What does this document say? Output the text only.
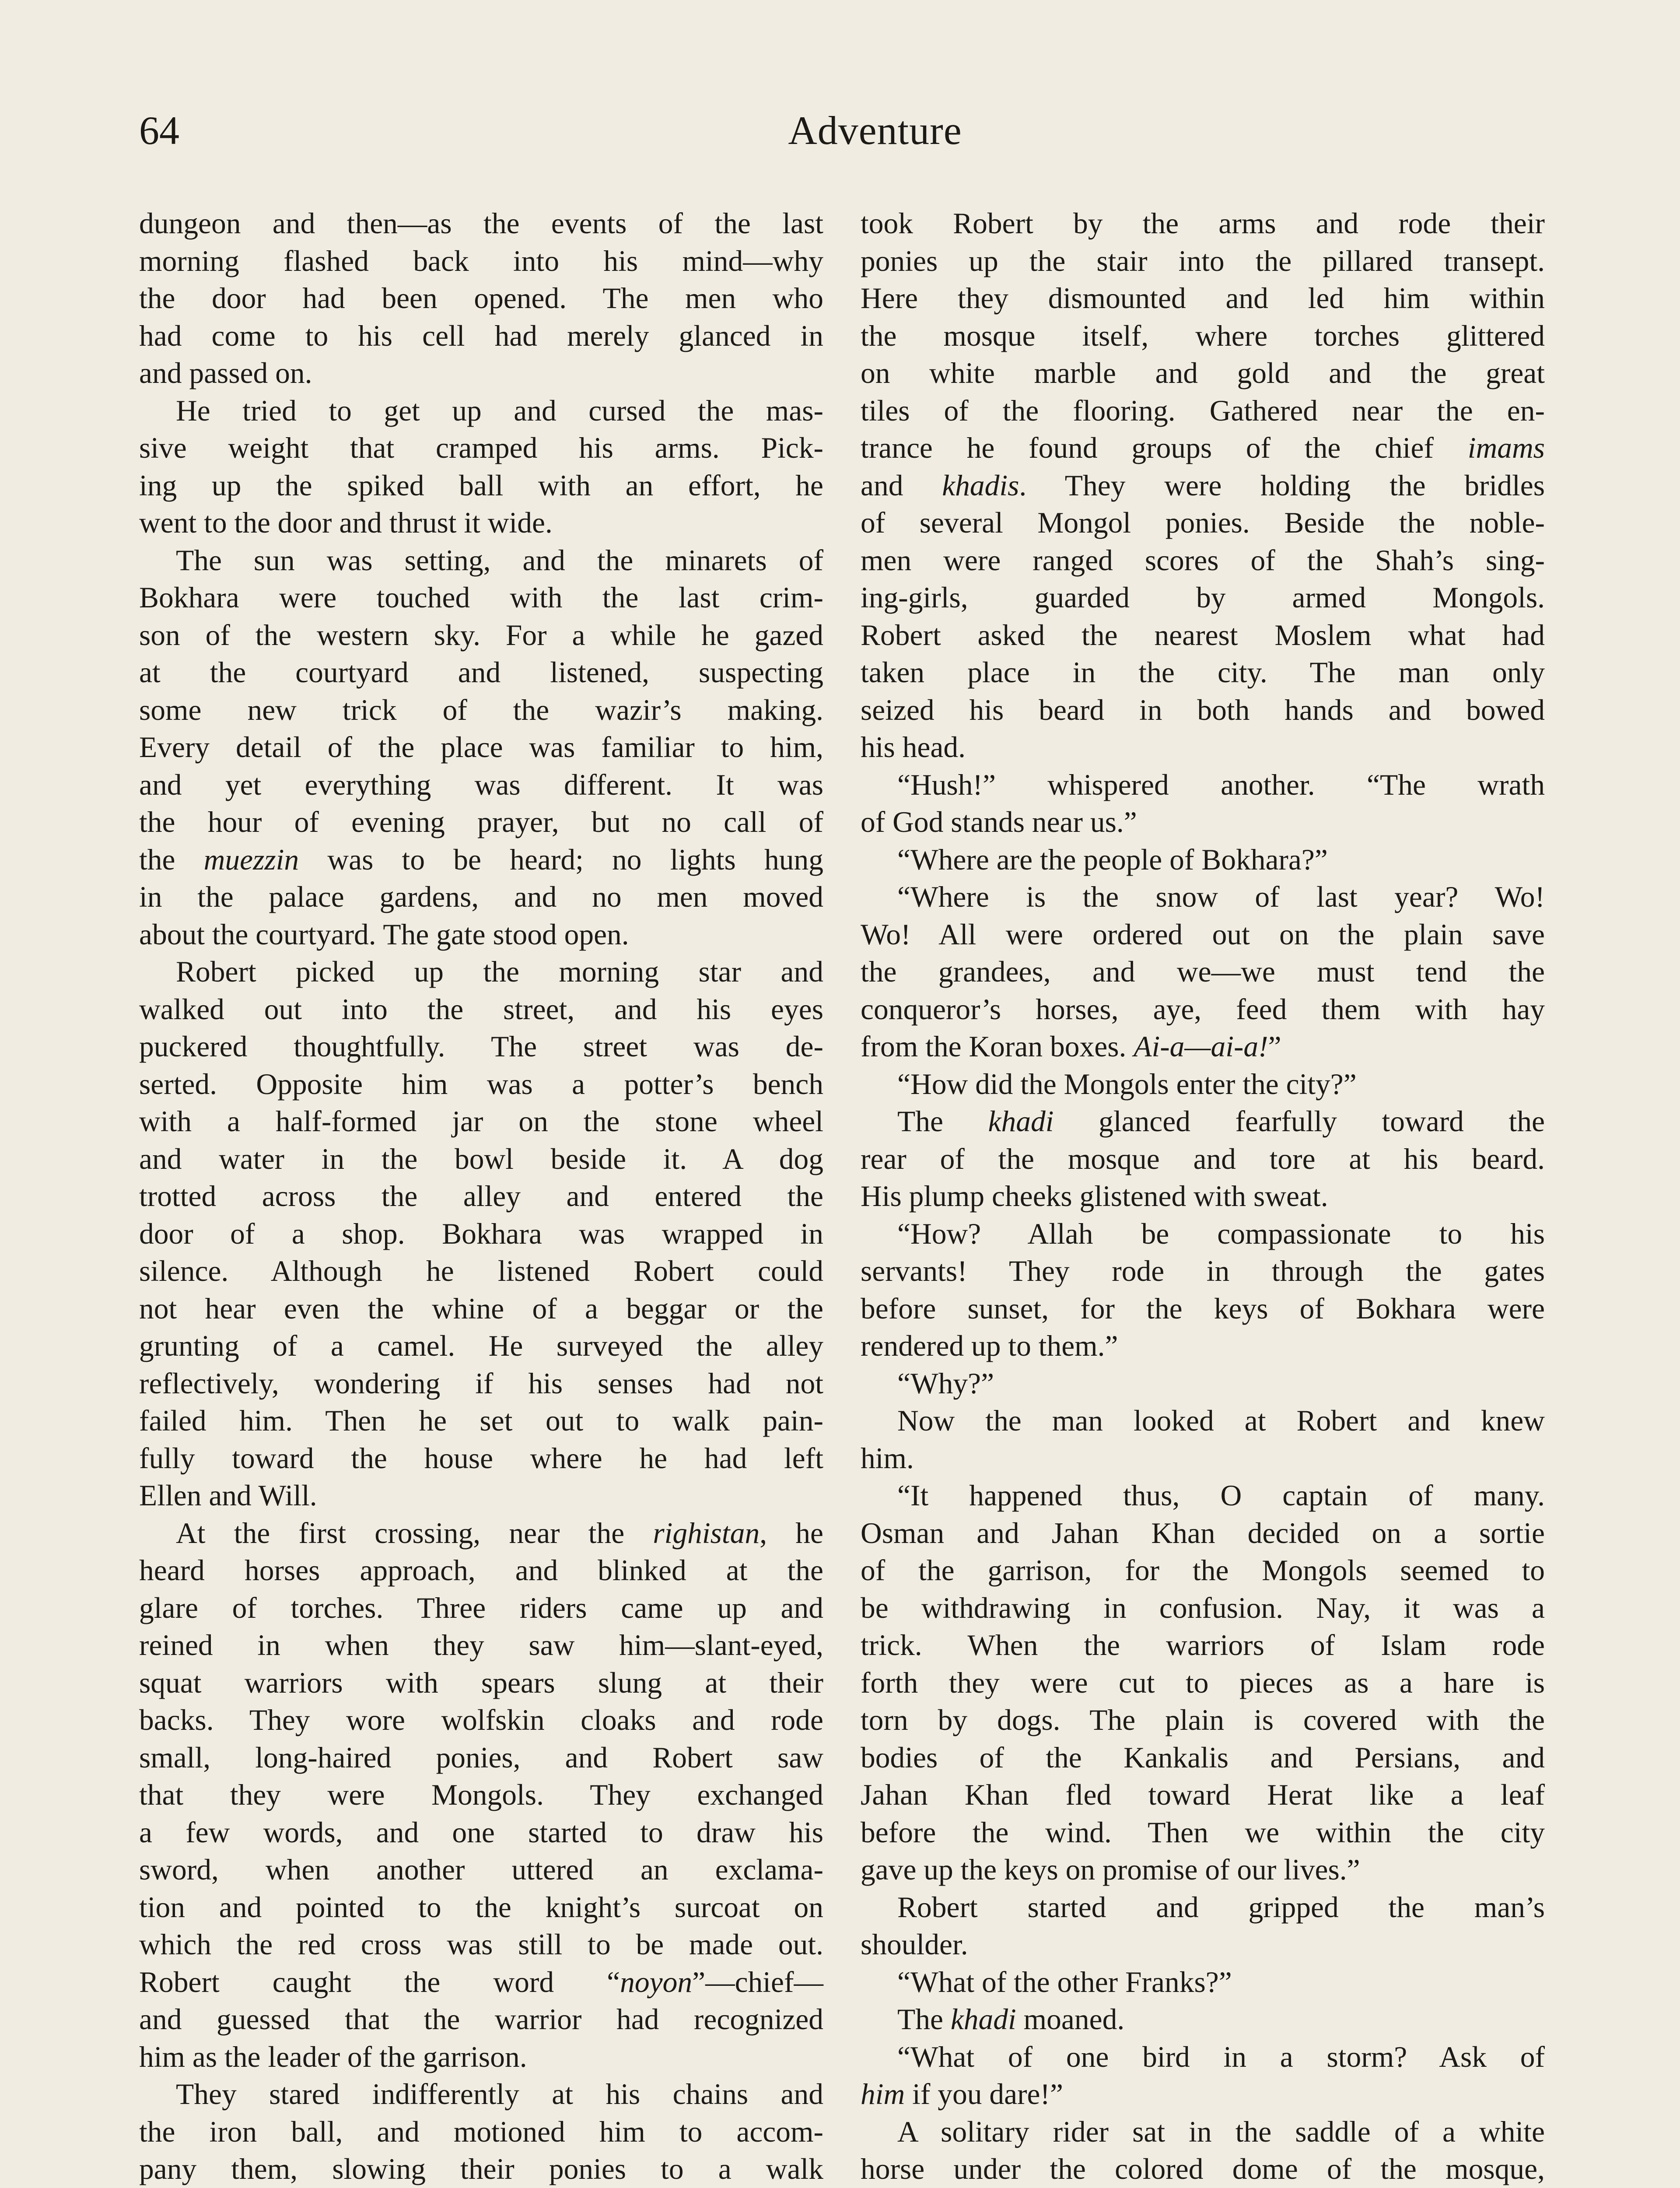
64	Adventure
dungeon and then—as the events of the last
morning flashed back into his mind—why
the door had been opened. The men who
had come to his cell had merely glanced in
and passed on.
He tried to get up and cursed the mas-
sive weight that cramped his arms. Pick-
ing up the spiked ball with an effort, he
went to the door and thrust it wide.
The sun was setting, and the minarets of
Bokhara were touched with the last crim-
son of the western sky. For a while he gazed
at the courtyard and listened, suspecting
some new trick of the wazir’s making.
Every detail of the place was familiar to him,
and yet everything was different. It was
the hour of evening prayer, but no call of
the muezzin was to be heard; no lights hung
in the palace gardens, and no men moved
about the courtyard. The gate stood open.
Robert picked up the morning star and
walked out into the street, and his eyes
puckered thoughtfully. The street was de-
serted. Opposite him was a potter’s bench
with a half-formed jar on the stone wheel
and water in the bowl beside it. A dog
trotted across the alley and entered the
door of a shop. Bokhara was wrapped in
silence. Although he listened Robert could
not hear even the whine of a beggar or the
grunting of a camel. He surveyed the alley
reflectively, wondering if his senses had not
failed him. Then he set out to walk pain-
fully toward the house where he had left
Ellen and Will.
At the first crossing, near the righistan, he
heard horses approach, and blinked at the
glare of torches. Three riders came up and
reined in when they saw him—slant-eyed,
squat warriors with spears slung at their
backs. They wore wolfskin cloaks and rode
small, long-haired ponies, and Robert saw
that they were Mongols. They exchanged
a few words, and one started to draw his
sword, when another uttered an exclama-
tion and pointed to the knight’s surcoat on
which the red cross was still to be made out.
Robert caught the word “noyon”—chief—
and guessed that the warrior had recognized
him as the leader of the garrison.
They stared indifferently at his chains and
the iron ball, and motioned him to accom-
pany them, slowing their ponies to a walk
took Robert by the arms and rode their
ponies up the stair into the pillared transept.
Here they dismounted and led him within
the mosque itself, where torches glittered
on white marble and gold and the great
tiles of the flooring. Gathered near the en-
trance he found groups of the chief imams
and khadis. They were holding the bridles
of several Mongol ponies. Beside the noble-
men were ranged scores of the Shah’s sing-
ing-girls, guarded by armed Mongols.
Robert asked the nearest Moslem what had
taken place in the city. The man only
seized his beard in both hands and bowed
his head.
“Hush!” whispered another. “The wrath
of God stands near us.”
“Where are the people of Bokhara?”
“Where is the snow of last year? Wo!
Wo! All were ordered out on the plain save
the grandees, and we—we must tend the
conqueror’s horses, aye, feed them with hay
from the Koran boxes. Ai-a—ai-a!”
“How did the Mongols enter the city?”
The khadi glanced fearfully toward the
rear of the mosque and tore at his beard.
His plump cheeks glistened with sweat.
“How? Allah be compassionate to his
servants! They rode in through the gates
before sunset, for the keys of Bokhara were
rendered up to them.”
“Why?”
Now the man looked at Robert and knew
him.
“It happened thus, O captain of many.
Osman and Jahan Khan decided on a sortie
of the garrison, for the Mongols seemed to
be withdrawing in confusion. Nay, it was a
trick. When the warriors of Islam rode
forth they were cut to pieces as a hare is
torn by dogs. The plain is covered with the
bodies of the Kankalis and Persians, and
Jahan Khan fled toward Herat like a leaf
before the wind. Then we within the city
gave up the keys on promise of our lives.”
Robert started and gripped the man’s
shoulder.
“What of the other Franks?”
The khadi moaned.
“What of one bird in a storm? Ask of
him if you dare!”
A solitary rider sat in the saddle of a white
horse under the colored dome of the mosque,
